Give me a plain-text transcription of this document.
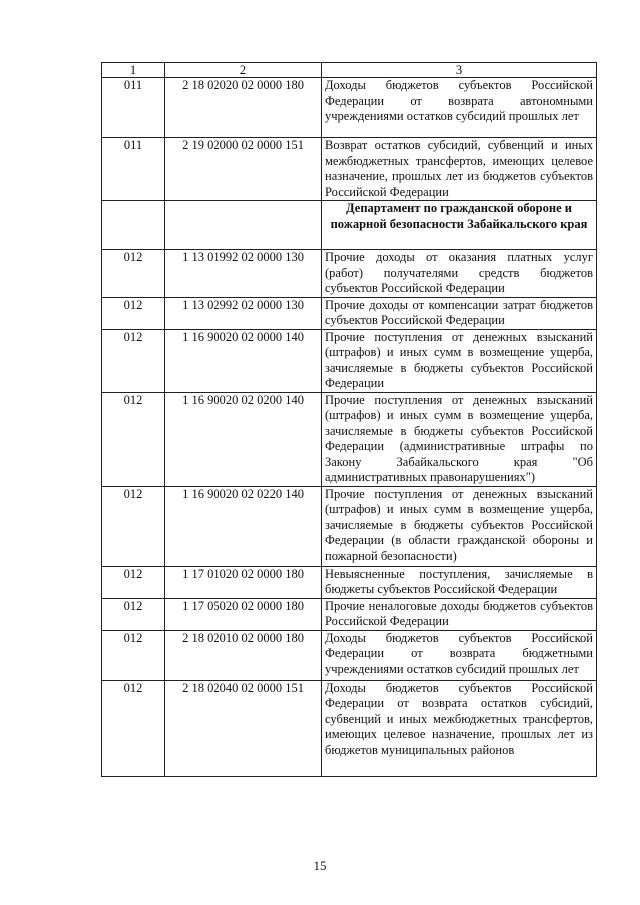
1	2	3
011	2 18 02020 02 0000 180	Доходы бюджетов субъектов Российской Федерации от возврата автономными учреждениями остатков субсидий прошлых лет
011	2 19 02000 02 0000 151	Возврат остатков субсидий, субвенций и иных межбюджетных трансфертов, имеющих целевое назначение, прошлых лет из бюджетов субъектов Российской Федерации
		Департамент по гражданской обороне и пожарной безопасности Забайкальского края
012	1 13 01992 02 0000 130	Прочие доходы от оказания платных услуг (работ) получателями средств бюджетов субъектов Российской Федерации
012	1 13 02992 02 0000 130	Прочие доходы от компенсации затрат бюджетов субъектов Российской Федерации
012	1 16 90020 02 0000 140	Прочие поступления от денежных взысканий (штрафов) и иных сумм в возмещение ущерба, зачисляемые в бюджеты субъектов Российской Федерации
012	1 16 90020 02 0200 140	Прочие поступления от денежных взысканий (штрафов) и иных сумм в возмещение ущерба, зачисляемые в бюджеты субъектов Российской Федерации (административные штрафы по Закону Забайкальского края "Об административных правонарушениях")
012	1 16 90020 02 0220 140	Прочие поступления от денежных взысканий (штрафов) и иных сумм в возмещение ущерба, зачисляемые в бюджеты субъектов Российской Федерации (в области гражданской обороны и пожарной безопасности)
012	1 17 01020 02 0000 180	Невыясненные поступления, зачисляемые в бюджеты субъектов Российской Федерации
012	1 17 05020 02 0000 180	Прочие неналоговые доходы бюджетов субъектов Российской Федерации
012	2 18 02010 02 0000 180	Доходы бюджетов субъектов Российской Федерации от возврата бюджетными учреждениями остатков субсидий прошлых лет
012	2 18 02040 02 0000 151	Доходы бюджетов субъектов Российской Федерации от возврата остатков субсидий, субвенций и иных межбюджетных трансфертов, имеющих целевое назначение, прошлых лет из бюджетов муниципальных районов
15
